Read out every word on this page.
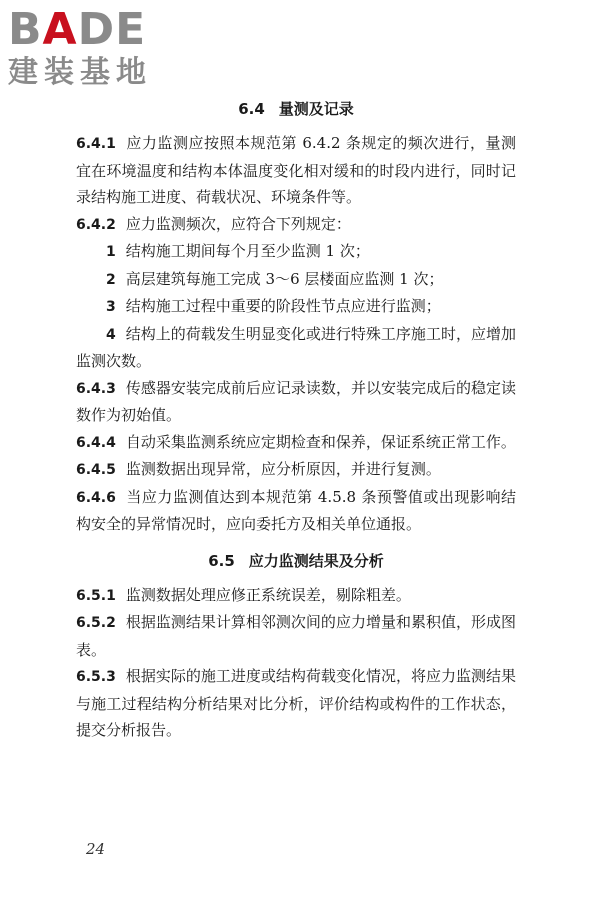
BADE
建装基地
6.4 量测及记录

6.4.1 应力监测应按照本规范第 6.4.2 条规定的频次进行，量测宜在环境温度和结构本体温度变化相对缓和的时段内进行，同时记录结构施工进度、荷载状况、环境条件等。

6.4.2 应力监测频次，应符合下列规定：

1 结构施工期间每个月至少监测 1 次；

2 高层建筑每施工完成 3～6 层楼面应监测 1 次；

3 结构施工过程中重要的阶段性节点应进行监测；

4 结构上的荷载发生明显变化或进行特殊工序施工时，应增加监测次数。

6.4.3 传感器安装完成前后应记录读数，并以安装完成后的稳定读数作为初始值。

6.4.4 自动采集监测系统应定期检查和保养，保证系统正常工作。

6.4.5 监测数据出现异常，应分析原因，并进行复测。

6.4.6 当应力监测值达到本规范第 4.5.8 条预警值或出现影响结构安全的异常情况时，应向委托方及相关单位通报。

6.5 应力监测结果及分析

6.5.1 监测数据处理应修正系统误差，剔除粗差。

6.5.2 根据监测结果计算相邻测次间的应力增量和累积值，形成图表。

6.5.3 根据实际的施工进度或结构荷载变化情况，将应力监测结果与施工过程结构分析结果对比分析，评价结构或构件的工作状态，提交分析报告。

24
